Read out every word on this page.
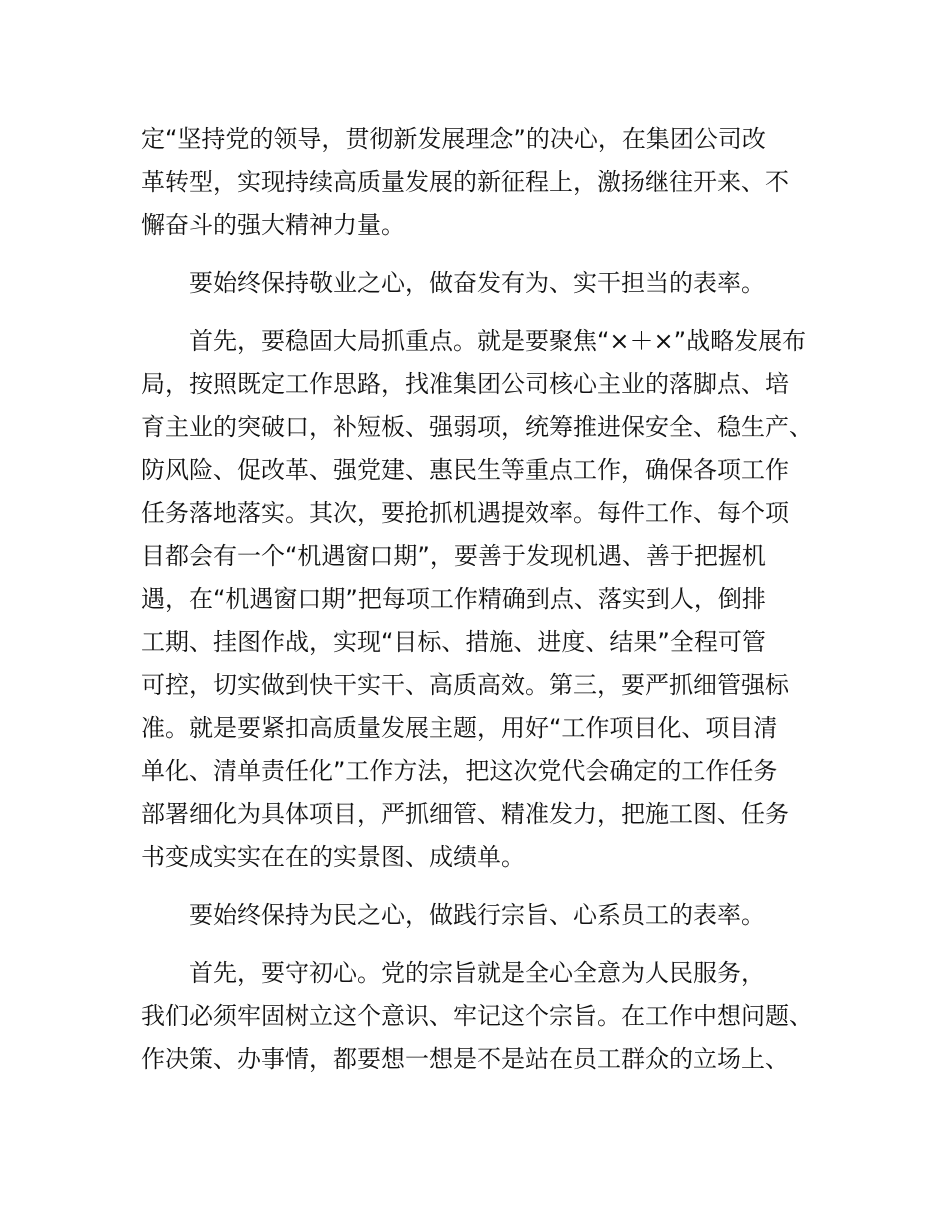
定“坚持党的领导，贯彻新发展理念”的决心，在集团公司改
革转型，实现持续高质量发展的新征程上，激扬继往开来、不
懈奋斗的强大精神力量。
要始终保持敬业之心，做奋发有为、实干担当的表率。
首先，要稳固大局抓重点。就是要聚焦“×＋×”战略发展布
局，按照既定工作思路，找准集团公司核心主业的落脚点、培
育主业的突破口，补短板、强弱项，统筹推进保安全、稳生产、
防风险、促改革、强党建、惠民生等重点工作，确保各项工作
任务落地落实。其次，要抢抓机遇提效率。每件工作、每个项
目都会有一个“机遇窗口期”，要善于发现机遇、善于把握机
遇，在“机遇窗口期”把每项工作精确到点、落实到人，倒排
工期、挂图作战，实现“目标、措施、进度、结果”全程可管
可控，切实做到快干实干、高质高效。第三，要严抓细管强标
准。就是要紧扣高质量发展主题，用好“工作项目化、项目清
单化、清单责任化”工作方法，把这次党代会确定的工作任务
部署细化为具体项目，严抓细管、精准发力，把施工图、任务
书变成实实在在的实景图、成绩单。
要始终保持为民之心，做践行宗旨、心系员工的表率。
首先，要守初心。党的宗旨就是全心全意为人民服务，
我们必须牢固树立这个意识、牢记这个宗旨。在工作中想问题、
作决策、办事情，都要想一想是不是站在员工群众的立场上、
